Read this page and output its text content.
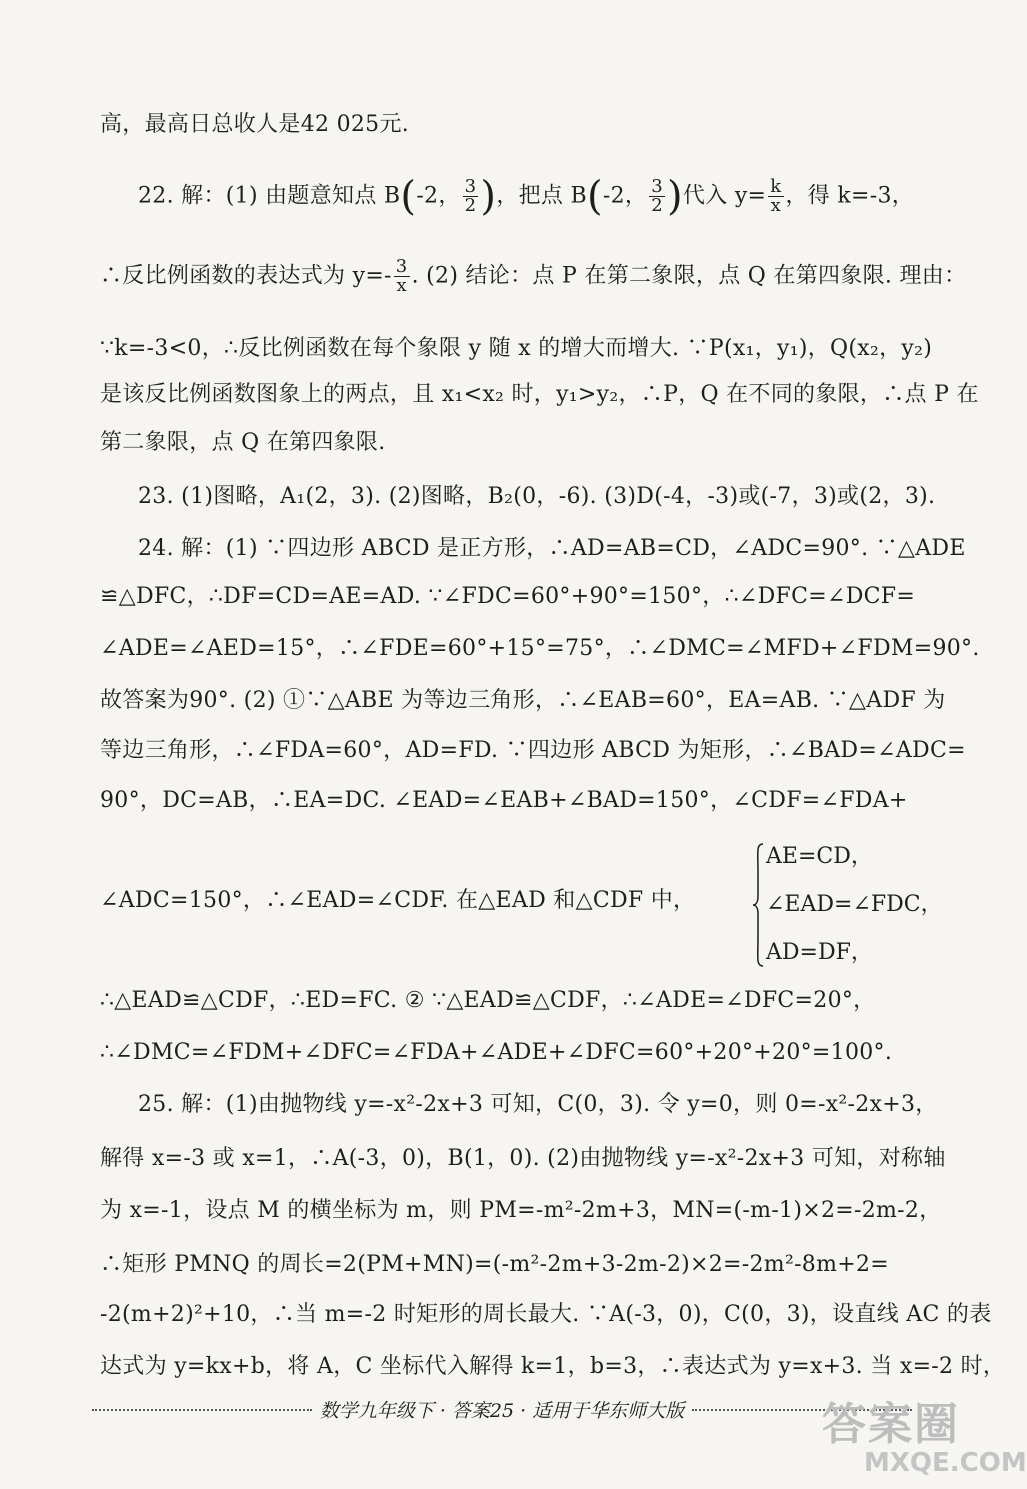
高，最高日总收人是42 025元.
22. 解：(1) 由题意知点 B(-2， $\frac{3}{2}$ )，把点 B(-2， $\frac{3}{2}$ )代入 $y= \frac{k}{x}$ ，得 k=-3，
∴反比例函数的表达式为 $y=- \frac{3}{x}$ . (2) 结论：点 P 在第二象限，点 Q 在第四象限. 理由：
∵k=-3<0，∴反比例函数在每个象限 y 随 x 的增大而增大. ∵P(x₁，y₁)，Q(x₂，y₂)
是该反比例函数图象上的两点，且 x₁<x₂ 时，y₁>y₂，∴P，Q 在不同的象限，∴点 P 在
第二象限，点 Q 在第四象限.
23. (1)图略，A₁(2，3). (2)图略，B₂(0，-6). (3)D(-4，-3)或(-7，3)或(2，3).
24. 解：(1) ∵四边形 ABCD 是正方形，∴AD=AB=CD，∠ADC=90°. ∵△ADE
≌△DFC，∴DF=CD=AE=AD. ∵∠FDC=60°+90°=150°，∴∠DFC=∠DCF=
∠ADE=∠AED=15°，∴∠FDE=60°+15°=75°，∴∠DMC=∠MFD+∠FDM=90°.
故答案为90°. (2) ①∵△ABE 为等边三角形，∴∠EAB=60°，EA=AB. ∵△ADF 为
等边三角形，∴∠FDA=60°，AD=FD. ∵四边形 ABCD 为矩形，∴∠BAD=∠ADC=
90°，DC=AB，∴EA=DC. ∠EAD=∠EAB+∠BAD=150°，∠CDF=∠FDA+
∠ADC=150°，∴∠EAD=∠CDF. 在△EAD 和△CDF 中，
AE=CD，
∠EAD=∠FDC，
AD=DF，
∴△EAD≌△CDF，∴ED=FC. ② ∵△EAD≌△CDF，∴∠ADE=∠DFC=20°，
∴∠DMC=∠FDM+∠DFC=∠FDA+∠ADE+∠DFC=60°+20°+20°=100°.
25. 解：(1)由抛物线 y=-x²-2x+3 可知，C(0，3). 令 y=0，则 0=-x²-2x+3，
解得 x=-3 或 x=1，∴A(-3，0)，B(1，0). (2)由抛物线 y=-x²-2x+3 可知，对称轴
为 x=-1，设点 M 的横坐标为 m，则 PM=-m²-2m+3，MN=(-m-1)×2=-2m-2，
∴矩形 PMNQ 的周长=2(PM+MN)=(-m²-2m+3-2m-2)×2=-2m²-8m+2=
-2(m+2)²+10，∴当 m=-2 时矩形的周长最大. ∵A(-3，0)，C(0，3)，设直线 AC 的表
达式为 y=kx+b，将 A，C 坐标代入解得 k=1，b=3，∴表达式为 y=x+3. 当 x=-2 时，
数学九年级下 · 答案25 · 适用于华东师大版	答案圈
MXQE.COM
